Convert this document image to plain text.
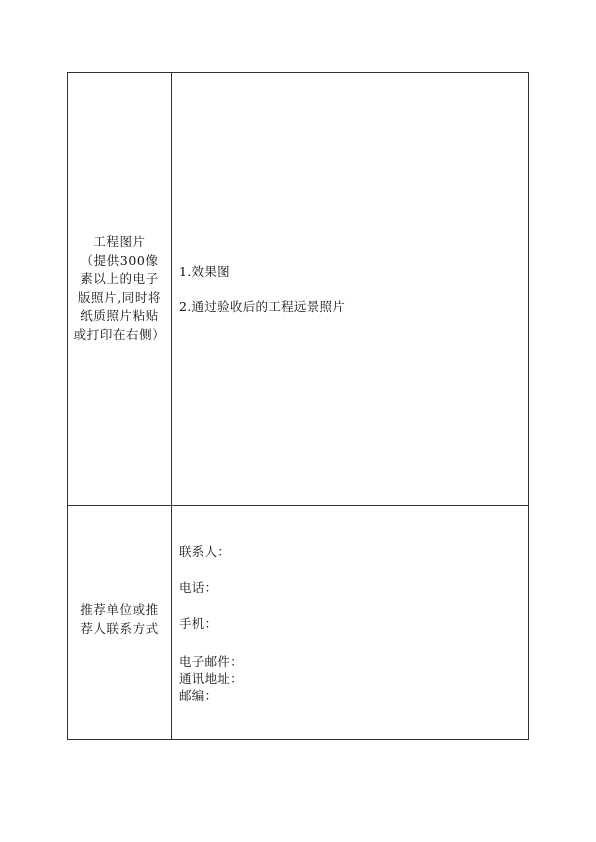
工程图片
（提供300像
素以上的电子
版照片,同时将
纸质照片粘贴
或打印在右侧）
1.效果图
2.通过验收后的工程远景照片
推荐单位或推
荐人联系方式
联系人：
电话：
手机：
电子邮件：
通讯地址：
邮编：
